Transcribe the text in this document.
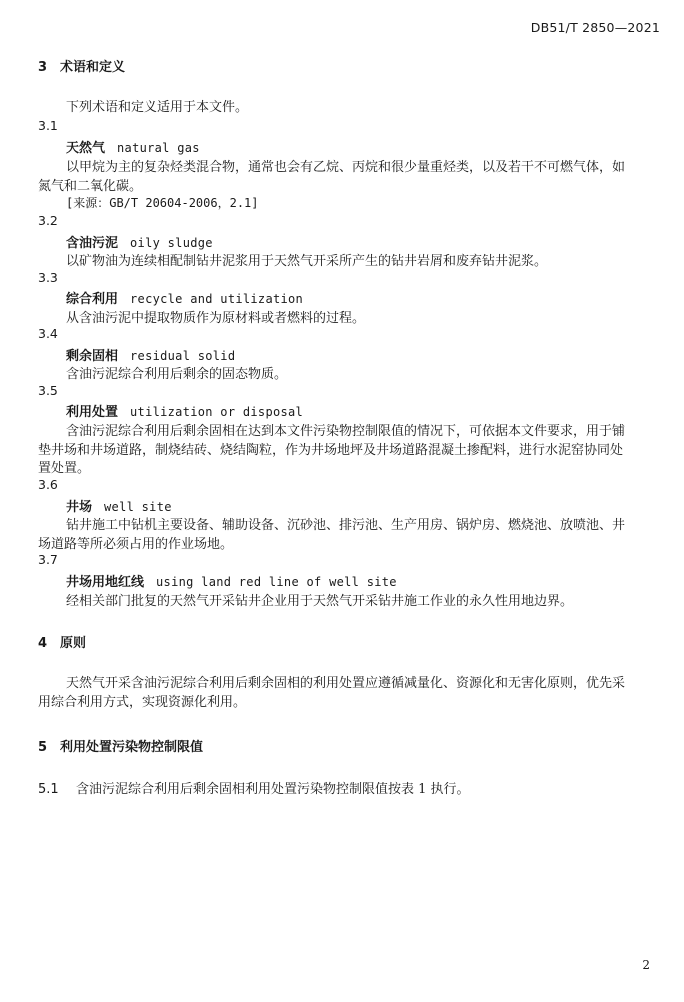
DB51/T 2850—2021
3 术语和定义
下列术语和定义适用于本文件。
3.1
天然气 natural gas
以甲烷为主的复杂烃类混合物，通常也会有乙烷、丙烷和很少量重烃类，以及若干不可燃气体，如
氮气和二氧化碳。
[来源：GB/T 20604-2006，2.1]
3.2
含油污泥 oily sludge
以矿物油为连续相配制钻井泥浆用于天然气开采所产生的钻井岩屑和废弃钻井泥浆。
3.3
综合利用 recycle and utilization
从含油污泥中提取物质作为原材料或者燃料的过程。
3.4
剩余固相 residual solid
含油污泥综合利用后剩余的固态物质。
3.5
利用处置 utilization or disposal
含油污泥综合利用后剩余固相在达到本文件污染物控制限值的情况下，可依据本文件要求，用于铺
垫井场和井场道路，制烧结砖、烧结陶粒，作为井场地坪及井场道路混凝土掺配料，进行水泥窑协同处
置处置。
3.6
井场 well site
钻井施工中钻机主要设备、辅助设备、沉砂池、排污池、生产用房、锅炉房、燃烧池、放喷池、井
场道路等所必须占用的作业场地。
3.7
井场用地红线 using land red line of well site
经相关部门批复的天然气开采钻井企业用于天然气开采钻井施工作业的永久性用地边界。
4 原则
天然气开采含油污泥综合利用后剩余固相的利用处置应遵循减量化、资源化和无害化原则，优先采
用综合利用方式，实现资源化利用。
5 利用处置污染物控制限值
5.1 含油污泥综合利用后剩余固相利用处置污染物控制限值按表 1 执行。
2
